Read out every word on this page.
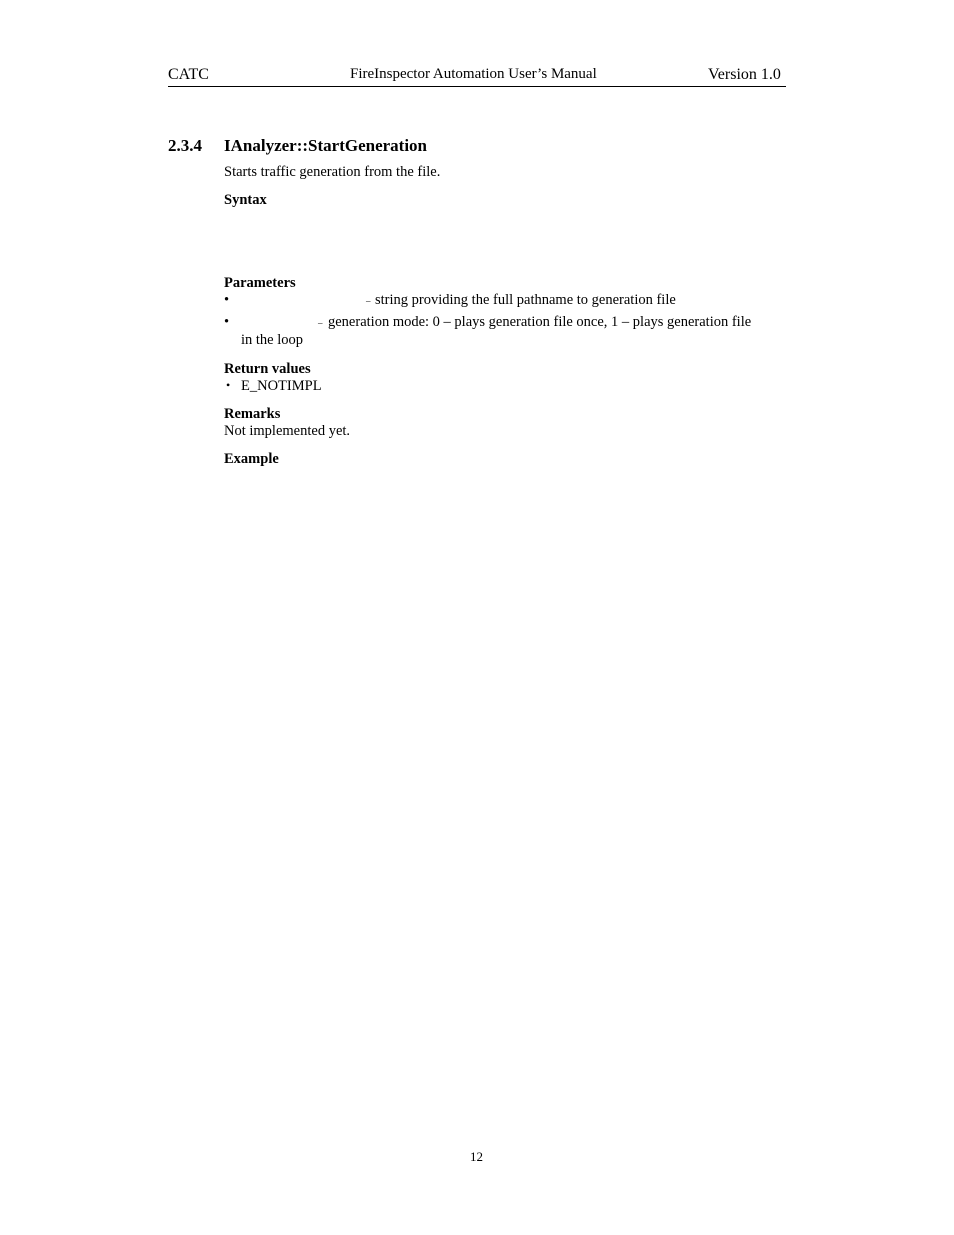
CATC	FireInspector Automation User’s Manual	Version 1.0
2.3.4 IAnalyzer::StartGeneration
Starts traffic generation from the file.
Syntax
Parameters
•	– string providing the full pathname to generation file
•	– generation mode: 0 – plays generation file once, 1 – plays generation file
in the loop
Return values
• E_NOTIMPL
Remarks
Not implemented yet.
Example
12
